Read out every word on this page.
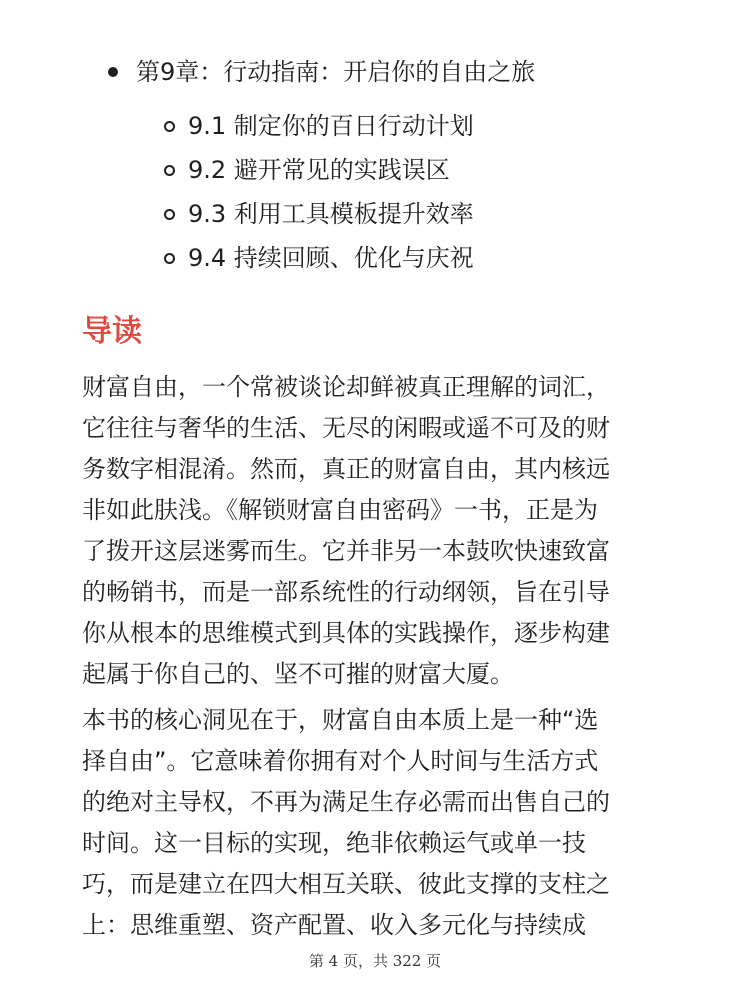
第9章：行动指南：开启你的自由之旅
9.1 制定你的百日行动计划
9.2 避开常见的实践误区
9.3 利用工具模板提升效率
9.4 持续回顾、优化与庆祝
导读

财富自由，一个常被谈论却鲜被真正理解的词汇，
它往往与奢华的生活、无尽的闲暇或遥不可及的财
务数字相混淆。然而，真正的财富自由，其内核远
非如此肤浅。《解锁财富自由密码》一书，正是为
了拨开这层迷雾而生。它并非另一本鼓吹快速致富
的畅销书，而是一部系统性的行动纲领，旨在引导
你从根本的思维模式到具体的实践操作，逐步构建
起属于你自己的、坚不可摧的财富大厦。

本书的核心洞见在于，财富自由本质上是一种“选
择自由”。它意味着你拥有对个人时间与生活方式
的绝对主导权，不再为满足生存必需而出售自己的
时间。这一目标的实现，绝非依赖运气或单一技
巧，而是建立在四大相互关联、彼此支撑的支柱之
上：思维重塑、资产配置、收入多元化与持续成

第 4 页，共 322 页
